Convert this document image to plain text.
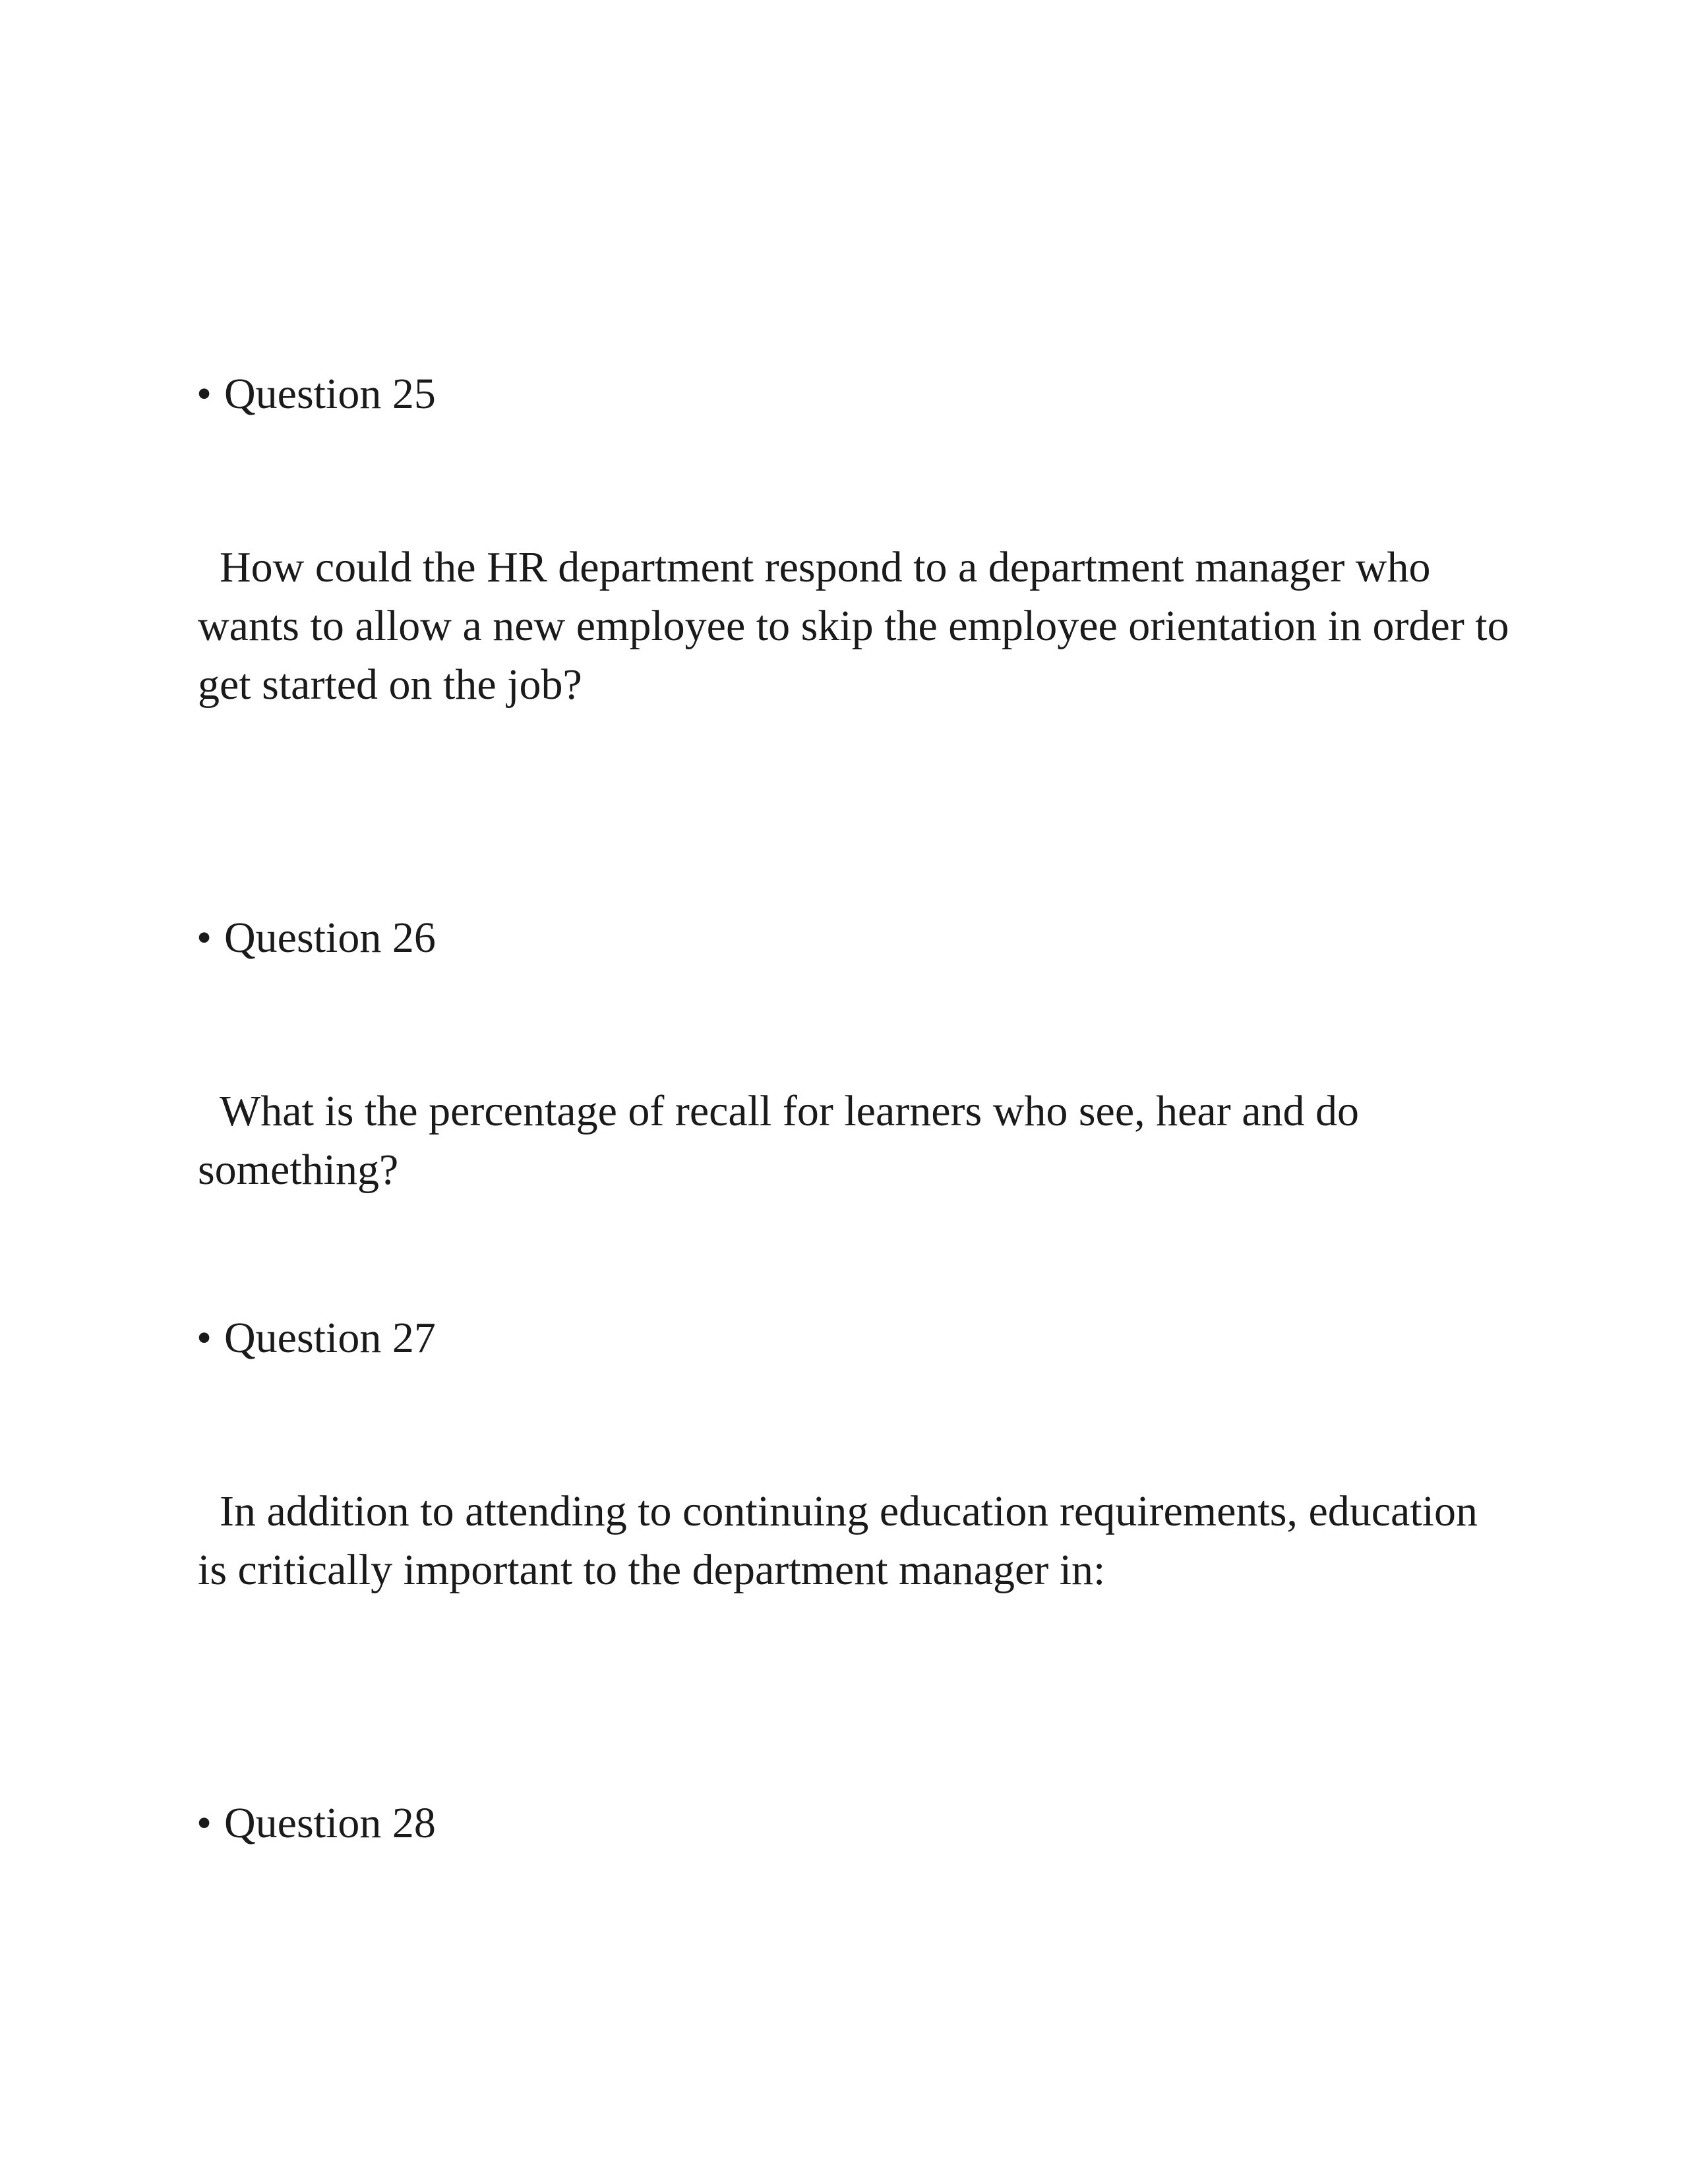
• Question 25
How could the HR department respond to a department manager who wants to allow a new employee to skip the employee orientation in order to get started on the job?
• Question 26
What is the percentage of recall for learners who see, hear and do something?
• Question 27
In addition to attending to continuing education requirements, education is critically important to the department manager in:
• Question 28
